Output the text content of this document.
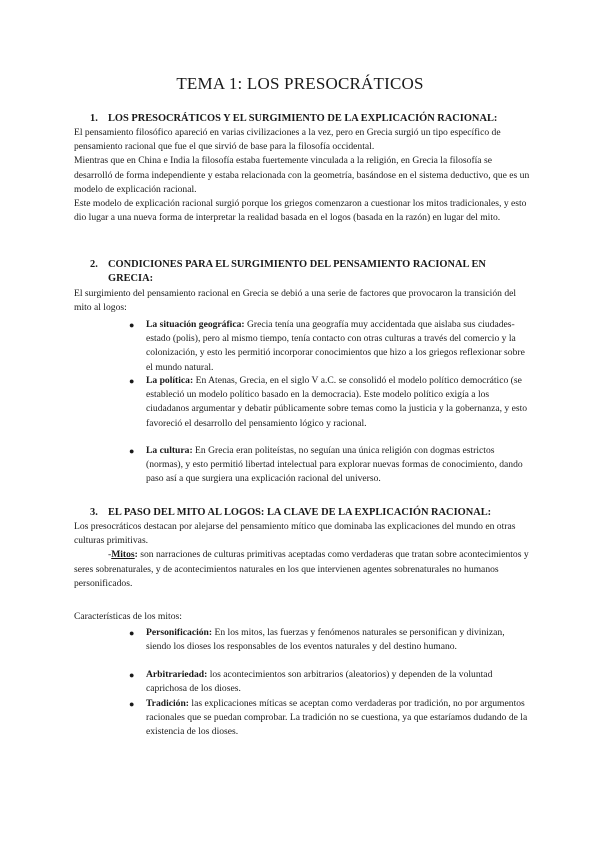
TEMA 1: LOS PRESOCRÁTICOS
1. LOS PRESOCRÁTICOS Y EL SURGIMIENTO DE LA EXPLICACIÓN RACIONAL:

El pensamiento filosófico apareció en varias civilizaciones a la vez, pero en Grecia surgió un tipo específico de pensamiento racional que fue el que sirvió de base para la filosofía occidental.

Mientras que en China e India la filosofía estaba fuertemente vinculada a la religión, en Grecia la filosofía se desarrolló de forma independiente y estaba relacionada con la geometría, basándose en el sistema deductivo, que es un modelo de explicación racional.

Este modelo de explicación racional surgió porque los griegos comenzaron a cuestionar los mitos tradicionales, y esto dio lugar a una nueva forma de interpretar la realidad basada en el logos (basada en la razón) en lugar del mito.

2. CONDICIONES PARA EL SURGIMIENTO DEL PENSAMIENTO RACIONAL EN GRECIA:

El surgimiento del pensamiento racional en Grecia se debió a una serie de factores que provocaron la transición del mito al logos:

● La situación geográfica: Grecia tenía una geografía muy accidentada que aislaba sus ciudades-estado (polis), pero al mismo tiempo, tenía contacto con otras culturas a través del comercio y la colonización, y esto les permitió incorporar conocimientos que hizo a los griegos reflexionar sobre el mundo natural.
● La política: En Atenas, Grecia, en el siglo V a.C. se consolidó el modelo político democrático (se estableció un modelo político basado en la democracia). Este modelo político exigía a los ciudadanos argumentar y debatir públicamente sobre temas como la justicia y la gobernanza, y esto favoreció el desarrollo del pensamiento lógico y racional.
● La cultura: En Grecia eran politeístas, no seguían una única religión con dogmas estrictos (normas), y esto permitió libertad intelectual para explorar nuevas formas de conocimiento, dando paso así a que surgiera una explicación racional del universo.
3. EL PASO DEL MITO AL LOGOS: LA CLAVE DE LA EXPLICACIÓN RACIONAL:

Los presocráticos destacan por alejarse del pensamiento mítico que dominaba las explicaciones del mundo en otras culturas primitivas.

-Mitos: son narraciones de culturas primitivas aceptadas como verdaderas que tratan sobre acontecimientos y seres sobrenaturales, y de acontecimientos naturales en los que intervienen agentes sobrenaturales no humanos personificados.

Características de los mitos:

● Personificación: En los mitos, las fuerzas y fenómenos naturales se personifican y divinizan, siendo los dioses los responsables de los eventos naturales y del destino humano.
● Arbitrariedad: los acontecimientos son arbitrarios (aleatorios) y dependen de la voluntad caprichosa de los dioses.
● Tradición: las explicaciones míticas se aceptan como verdaderas por tradición, no por argumentos racionales que se puedan comprobar. La tradición no se cuestiona, ya que estaríamos dudando de la existencia de los dioses.
